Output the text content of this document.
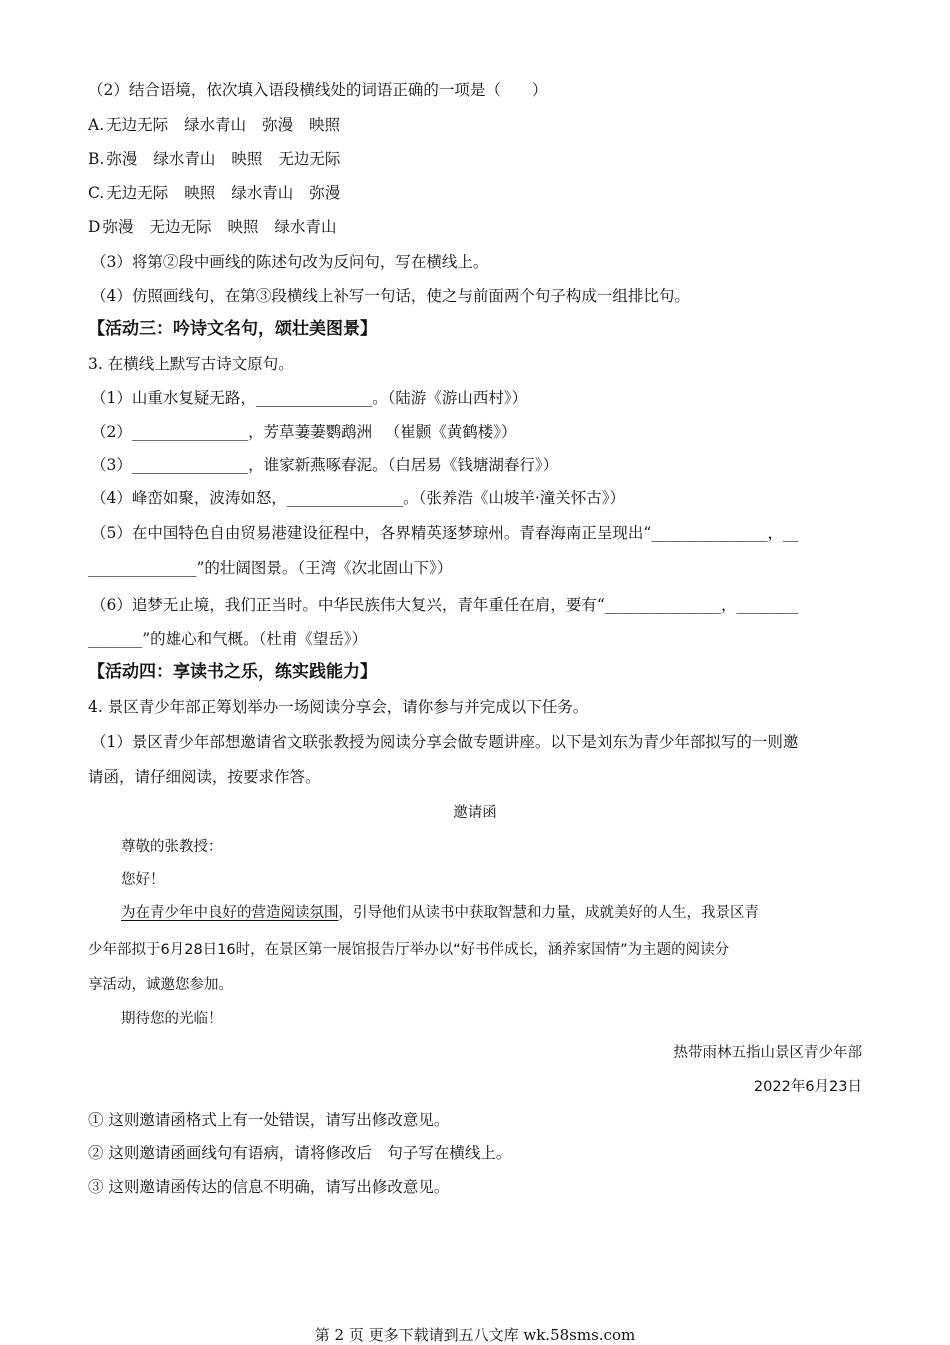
（2）结合语境，依次填入语段横线处的词语正确的一项是（　　）
A. 无边无际 绿水青山 弥漫 映照
B. 弥漫 绿水青山 映照 无边无际
C. 无边无际 映照 绿水青山 弥漫
D 弥漫 无边无际 映照 绿水青山
（3）将第②段中画线的陈述句改为反问句，写在横线上。
（4）仿照画线句，在第③段横线上补写一句话，使之与前面两个句子构成一组排比句。
【活动三：吟诗文名句，颂壮美图景】
3. 在横线上默写古诗文原句。
（1）山重水复疑无路，_______________。（陆游《游山西村》）
（2）_______________，芳草萋萋鹦鹉洲 　（崔颢《黄鹤楼》）
（3）_______________，谁家新燕啄春泥。（白居易《钱塘湖春行》）
（4）峰峦如聚，波涛如怒，_______________。（张养浩《山坡羊·潼关怀古》）
（5）在中国特色自由贸易港建设征程中，各界精英逐梦琼州。青春海南正呈现出“_______________，__
______________”的壮阔图景。（王湾《次北固山下》）
（6）追梦无止境，我们正当时。中华民族伟大复兴，青年重任在肩，要有“_______________，________
_______”的雄心和气概。（杜甫《望岳》）
【活动四：享读书之乐，练实践能力】
4. 景区青少年部正筹划举办一场阅读分享会，请你参与并完成以下任务。
（1）景区青少年部想邀请省文联张教授为阅读分享会做专题讲座。以下是刘东为青少年部拟写的一则邀
请函，请仔细阅读，按要求作答。
邀请函
尊敬的张教授：
您好！
为在青少年中良好的营造阅读氛围，引导他们从读书中获取智慧和力量，成就美好的人生，我景区青
少年部拟于6月28日16时，在景区第一展馆报告厅举办以“好书伴成长，涵养家国情”为主题的阅读分
享活动，诚邀您参加。
期待您的光临！
热带雨林五指山景区青少年部
2022年6月23日
① 这则邀请函格式上有一处错误，请写出修改意见。
② 这则邀请函画线句有语病，请将修改后　句子写在横线上。
③ 这则邀请函传达的信息不明确，请写出修改意见。
第 2 页 更多下载请到五八文库 wk.58sms.com
